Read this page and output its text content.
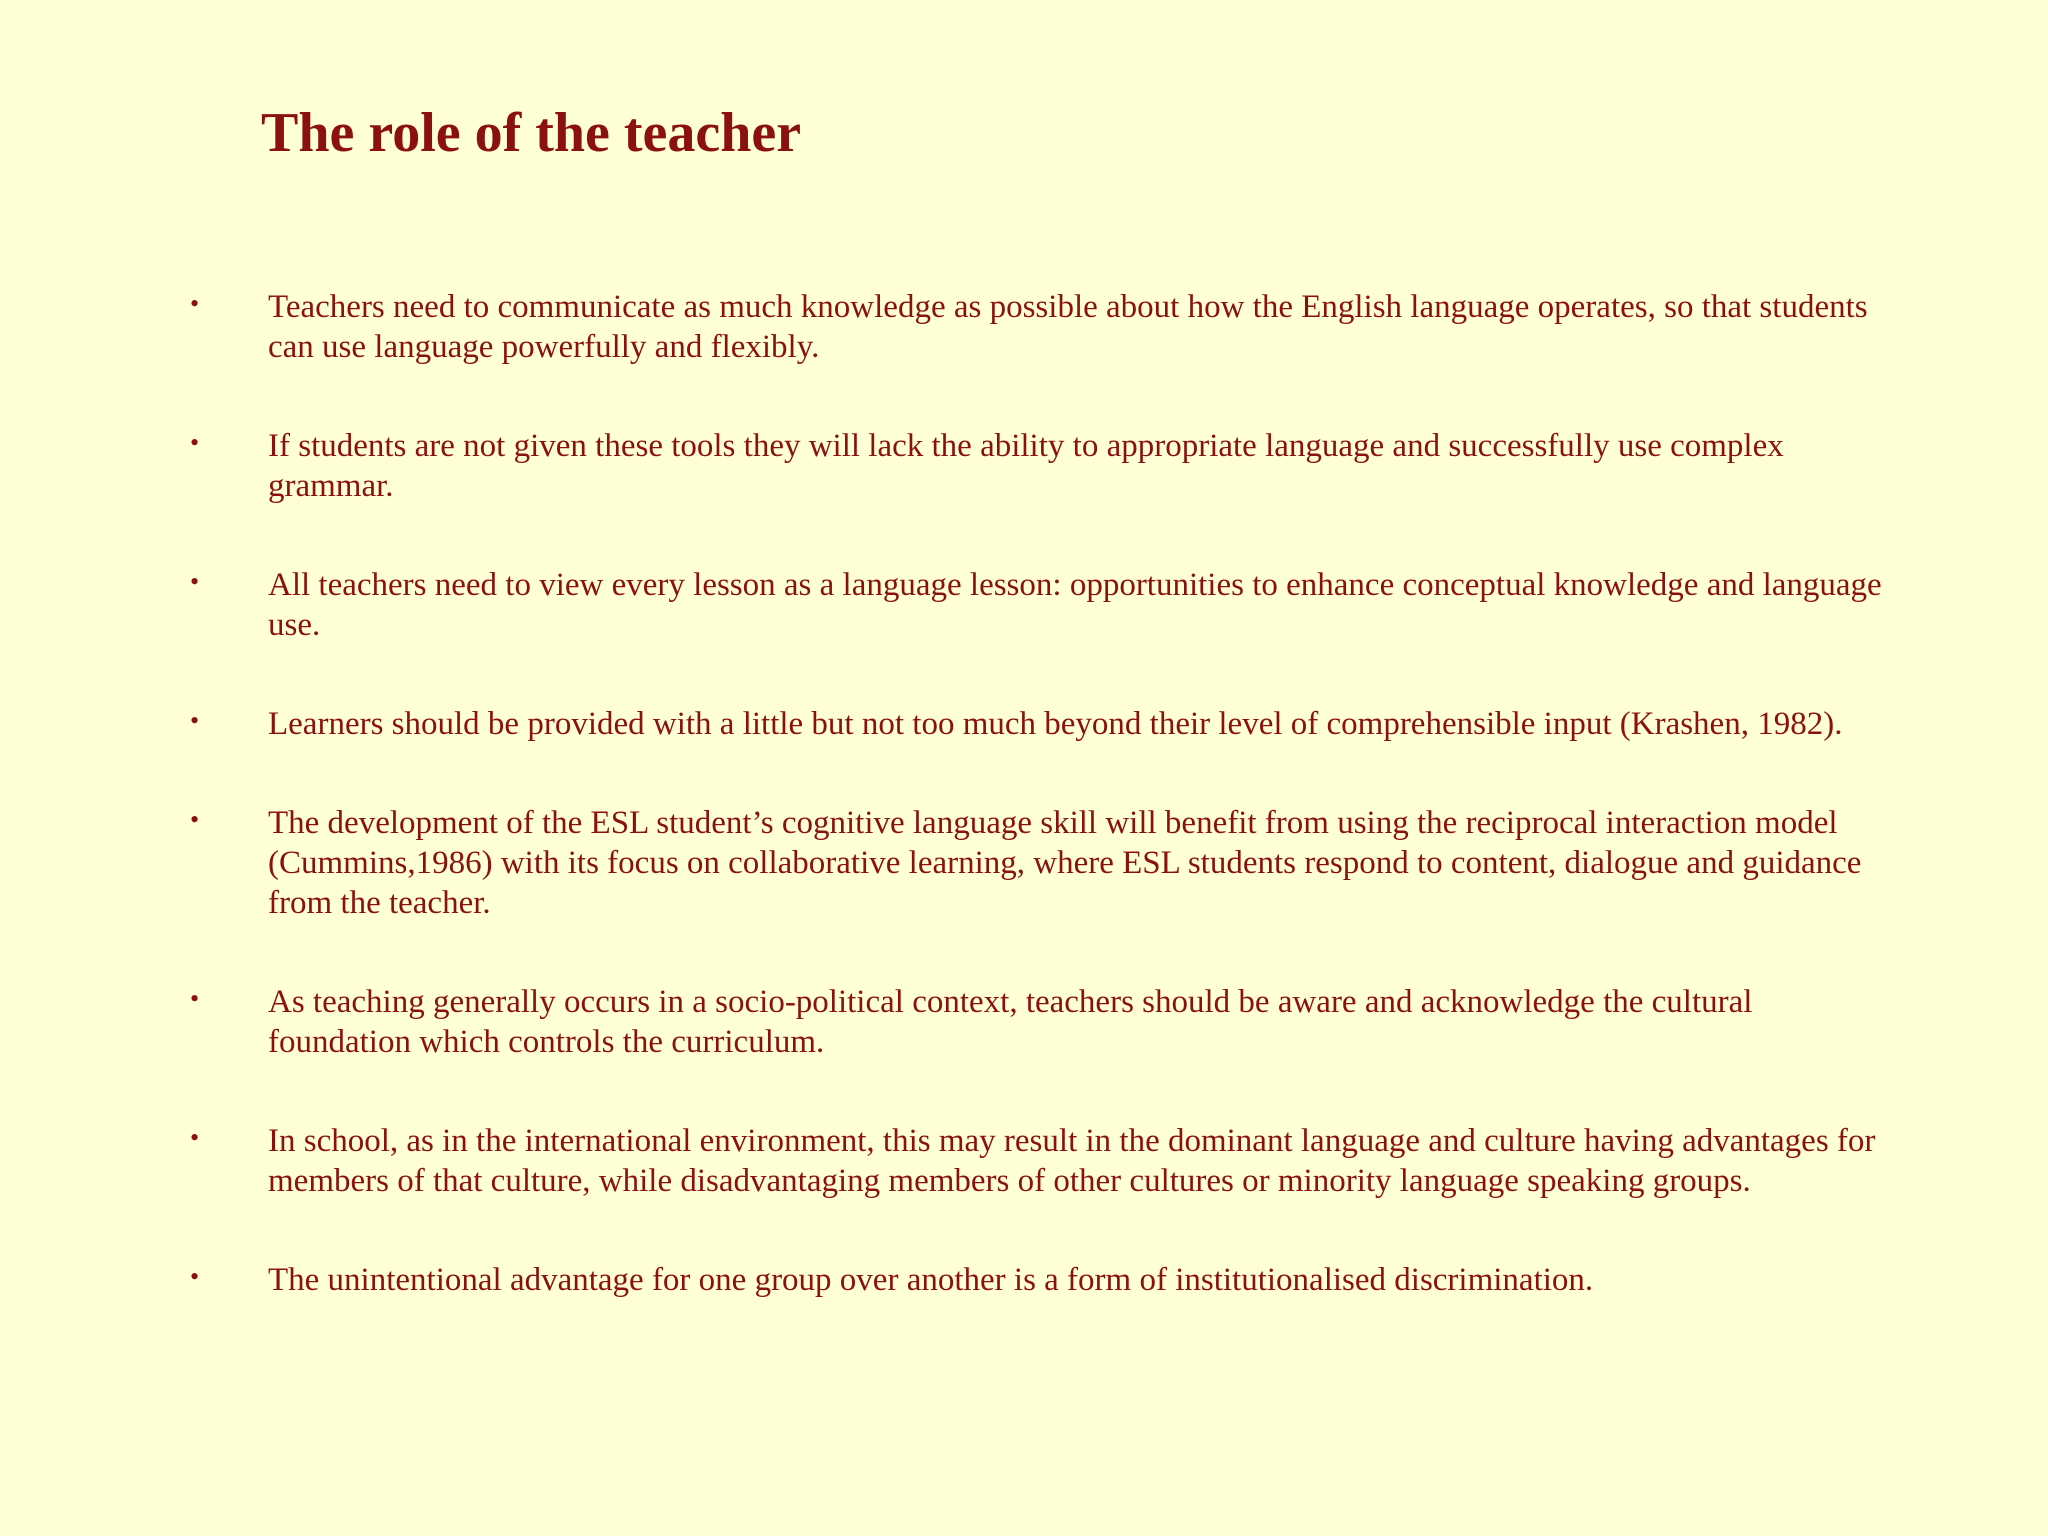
The role of the teacher
• Teachers need to communicate as much knowledge as possible about how the English language operates, so that students can use language powerfully and flexibly.
• If students are not given these tools they will lack the ability to appropriate language and successfully use complex grammar.
• All teachers need to view every lesson as a language lesson: opportunities to enhance conceptual knowledge and language use.
• Learners should be provided with a little but not too much beyond their level of comprehensible input (Krashen, 1982).
• The development of the ESL student’s cognitive language skill will benefit from using the reciprocal interaction model (Cummins,1986) with its focus on collaborative learning, where ESL students respond to content, dialogue and guidance from the teacher.
• As teaching generally occurs in a socio-political context, teachers should be aware and acknowledge the cultural foundation which controls the curriculum.
• In school, as in the international environment, this may result in the dominant language and culture having advantages for members of that culture, while disadvantaging members of other cultures or minority language speaking groups.
• The unintentional advantage for one group over another is a form of institutionalised discrimination.
